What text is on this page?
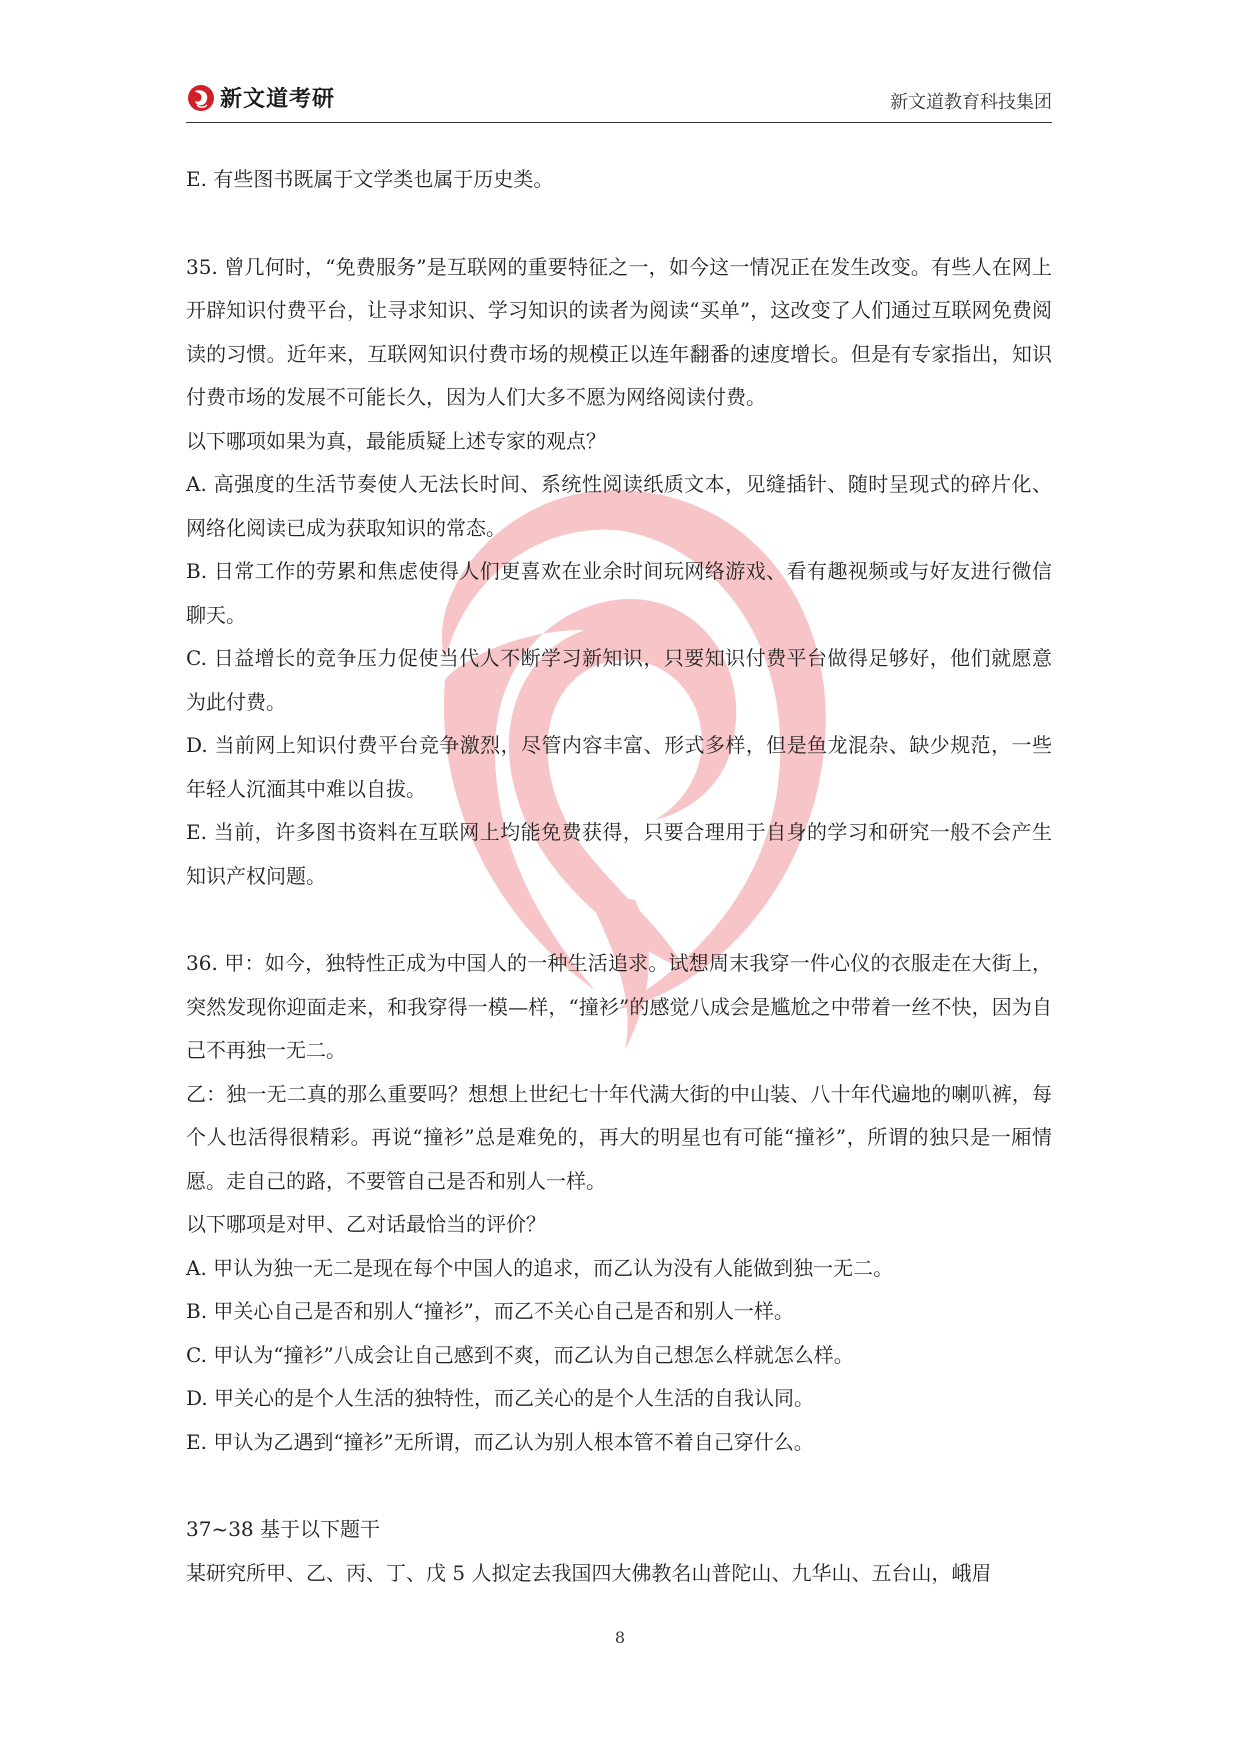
新文道考研	新文道教育科技集团

E. 有些图书既属于文学类也属于历史类。

35. 曾几何时，“免费服务”是互联网的重要特征之一，如今这一情况正在发生改变。有些人在网上开辟知识付费平台，让寻求知识、学习知识的读者为阅读“买单”，这改变了人们通过互联网免费阅读的习惯。近年来，互联网知识付费市场的规模正以连年翻番的速度增长。但是有专家指出，知识付费市场的发展不可能长久，因为人们大多不愿为网络阅读付费。

以下哪项如果为真，最能质疑上述专家的观点？

A. 高强度的生活节奏使人无法长时间、系统性阅读纸质文本，见缝插针、随时呈现式的碎片化、网络化阅读已成为获取知识的常态。

B. 日常工作的劳累和焦虑使得人们更喜欢在业余时间玩网络游戏、看有趣视频或与好友进行微信聊天。

C. 日益增长的竞争压力促使当代人不断学习新知识，只要知识付费平台做得足够好，他们就愿意为此付费。

D. 当前网上知识付费平台竞争激烈，尽管内容丰富、形式多样，但是鱼龙混杂、缺少规范，一些年轻人沉湎其中难以自拔。

E. 当前，许多图书资料在互联网上均能免费获得，只要合理用于自身的学习和研究一般不会产生知识产权问题。

36. 甲：如今，独特性正成为中国人的一种生活追求。试想周末我穿一件心仪的衣服走在大街上，突然发现你迎面走来，和我穿得一模—样，“撞衫”的感觉八成会是尴尬之中带着一丝不快，因为自己不再独一无二。

乙：独一无二真的那么重要吗？想想上世纪七十年代满大街的中山装、八十年代遍地的喇叭裤，每个人也活得很精彩。再说“撞衫”总是难免的，再大的明星也有可能“撞衫”，所谓的独只是一厢情愿。走自己的路，不要管自己是否和别人一样。

以下哪项是对甲、乙对话最恰当的评价？

A. 甲认为独一无二是现在每个中国人的追求，而乙认为没有人能做到独一无二。

B. 甲关心自己是否和别人“撞衫”，而乙不关心自己是否和别人一样。

C. 甲认为“撞衫”八成会让自己感到不爽，而乙认为自己想怎么样就怎么样。

D. 甲关心的是个人生活的独特性，而乙关心的是个人生活的自我认同。

E. 甲认为乙遇到“撞衫”无所谓，而乙认为别人根本管不着自己穿什么。

37~38 基于以下题干

某研究所甲、乙、丙、丁、戊 5 人拟定去我国四大佛教名山普陀山、九华山、五台山，峨眉

8
